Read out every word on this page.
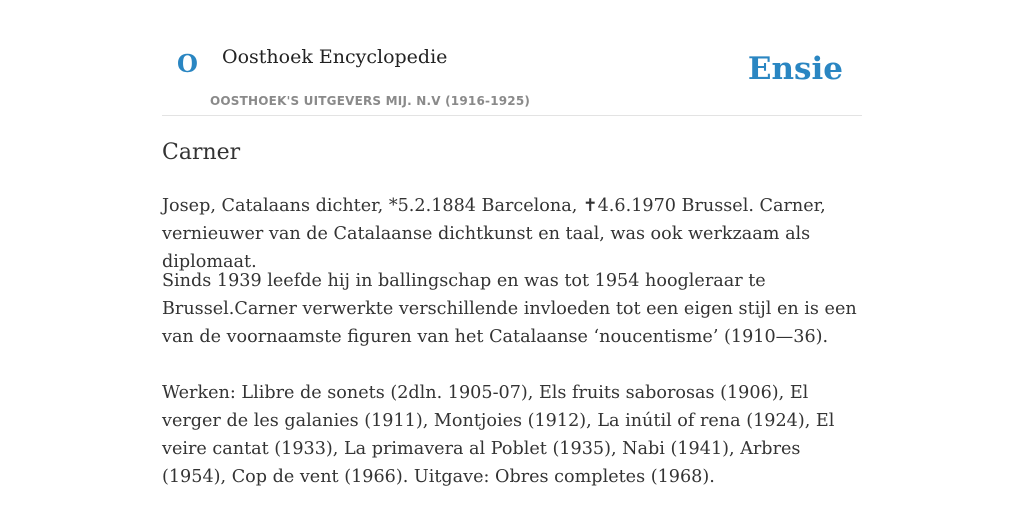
O Oosthoek Encyclopedie
OOSTHOEK'S UITGEVERS MIJ. N.V (1916-1925)
Ensie
Carner

Josep, Catalaans dichter, *5.2.1884 Barcelona, ✝4.6.1970 Brussel. Carner, vernieuwer van de Catalaanse dichtkunst en taal, was ook werkzaam als diplomaat.

Sinds 1939 leefde hij in ballingschap en was tot 1954 hoogleraar te Brussel.Carner verwerkte verschillende invloeden tot een eigen stijl en is een van de voornaamste figuren van het Catalaanse ‘noucentisme’ (1910—36).

Werken: Llibre de sonets (2dln. 1905-07), Els fruits saborosas (1906), El verger de les galanies (1911), Montjoies (1912), La inútil of rena (1924), El veire cantat (1933), La primavera al Poblet (1935), Nabi (1941), Arbres (1954), Cop de vent (1966). Uitgave: Obres completes (1968).
